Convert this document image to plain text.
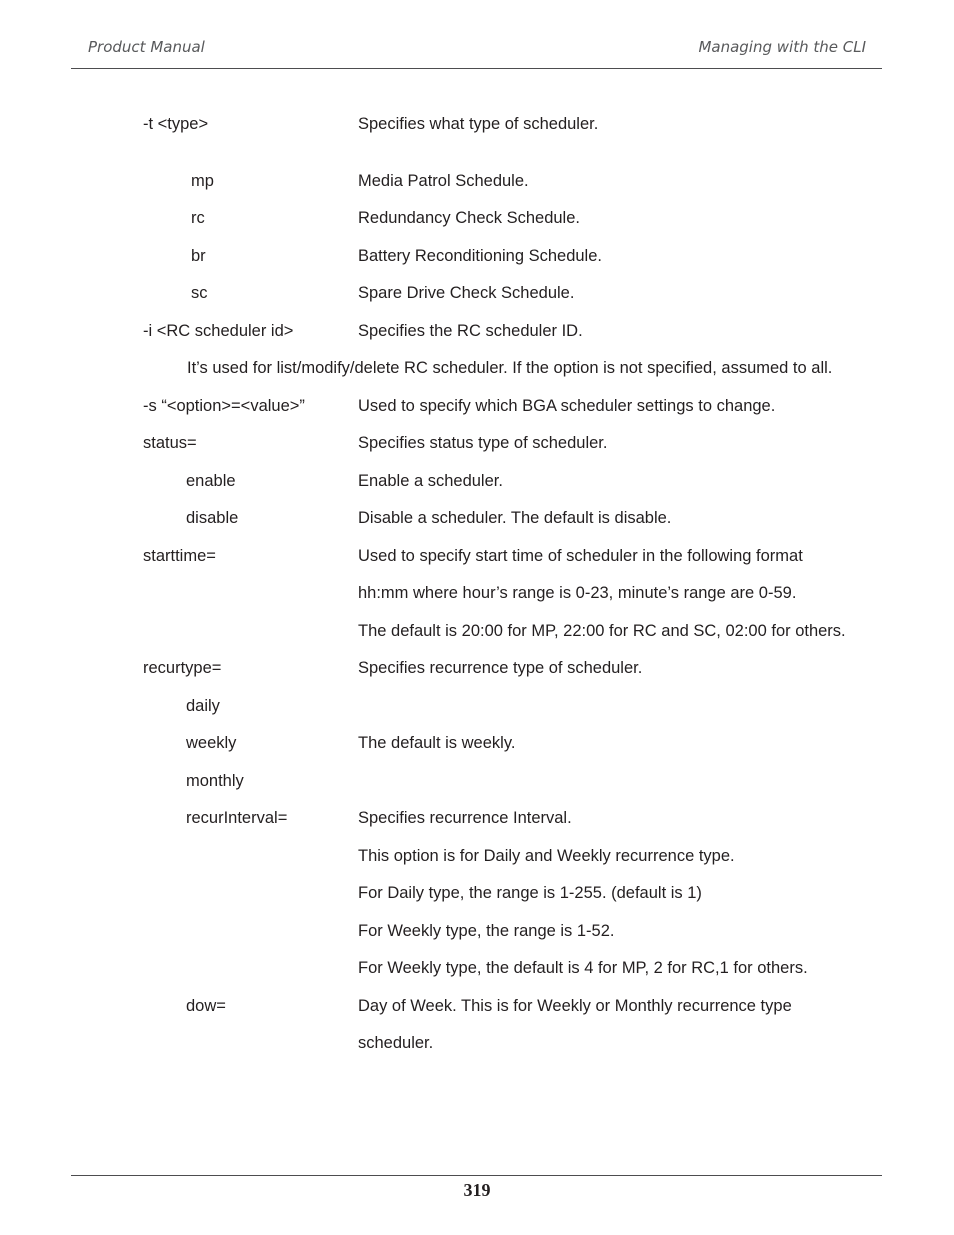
Product Manual	Managing with the CLI
-t <type>	Specifies what type of scheduler.
mp	Media Patrol Schedule.
rc	Redundancy Check Schedule.
br	Battery Reconditioning Schedule.
sc	Spare Drive Check Schedule.
-i <RC scheduler id>	Specifies the RC scheduler ID.
It’s used for list/modify/delete RC scheduler. If the option is not specified, assumed to all.
-s “<option>=<value>”	Used to specify which BGA scheduler settings to change.
status=	Specifies status type of scheduler.
enable	Enable a scheduler.
disable	Disable a scheduler. The default is disable.
starttime=	Used to specify start time of scheduler in the following format
hh:mm where hour’s range is 0-23, minute’s range are 0-59.
The default is 20:00 for MP, 22:00 for RC and SC, 02:00 for others.
recurtype=	Specifies recurrence type of scheduler.
daily
weekly	The default is weekly.
monthly
recurInterval=	Specifies recurrence Interval.
This option is for Daily and Weekly recurrence type.
For Daily type, the range is 1-255. (default is 1)
For Weekly type, the range is 1-52.
For Weekly type, the default is 4 for MP, 2 for RC,1 for others.
dow=	Day of Week. This is for Weekly or Monthly recurrence type
scheduler.
319
